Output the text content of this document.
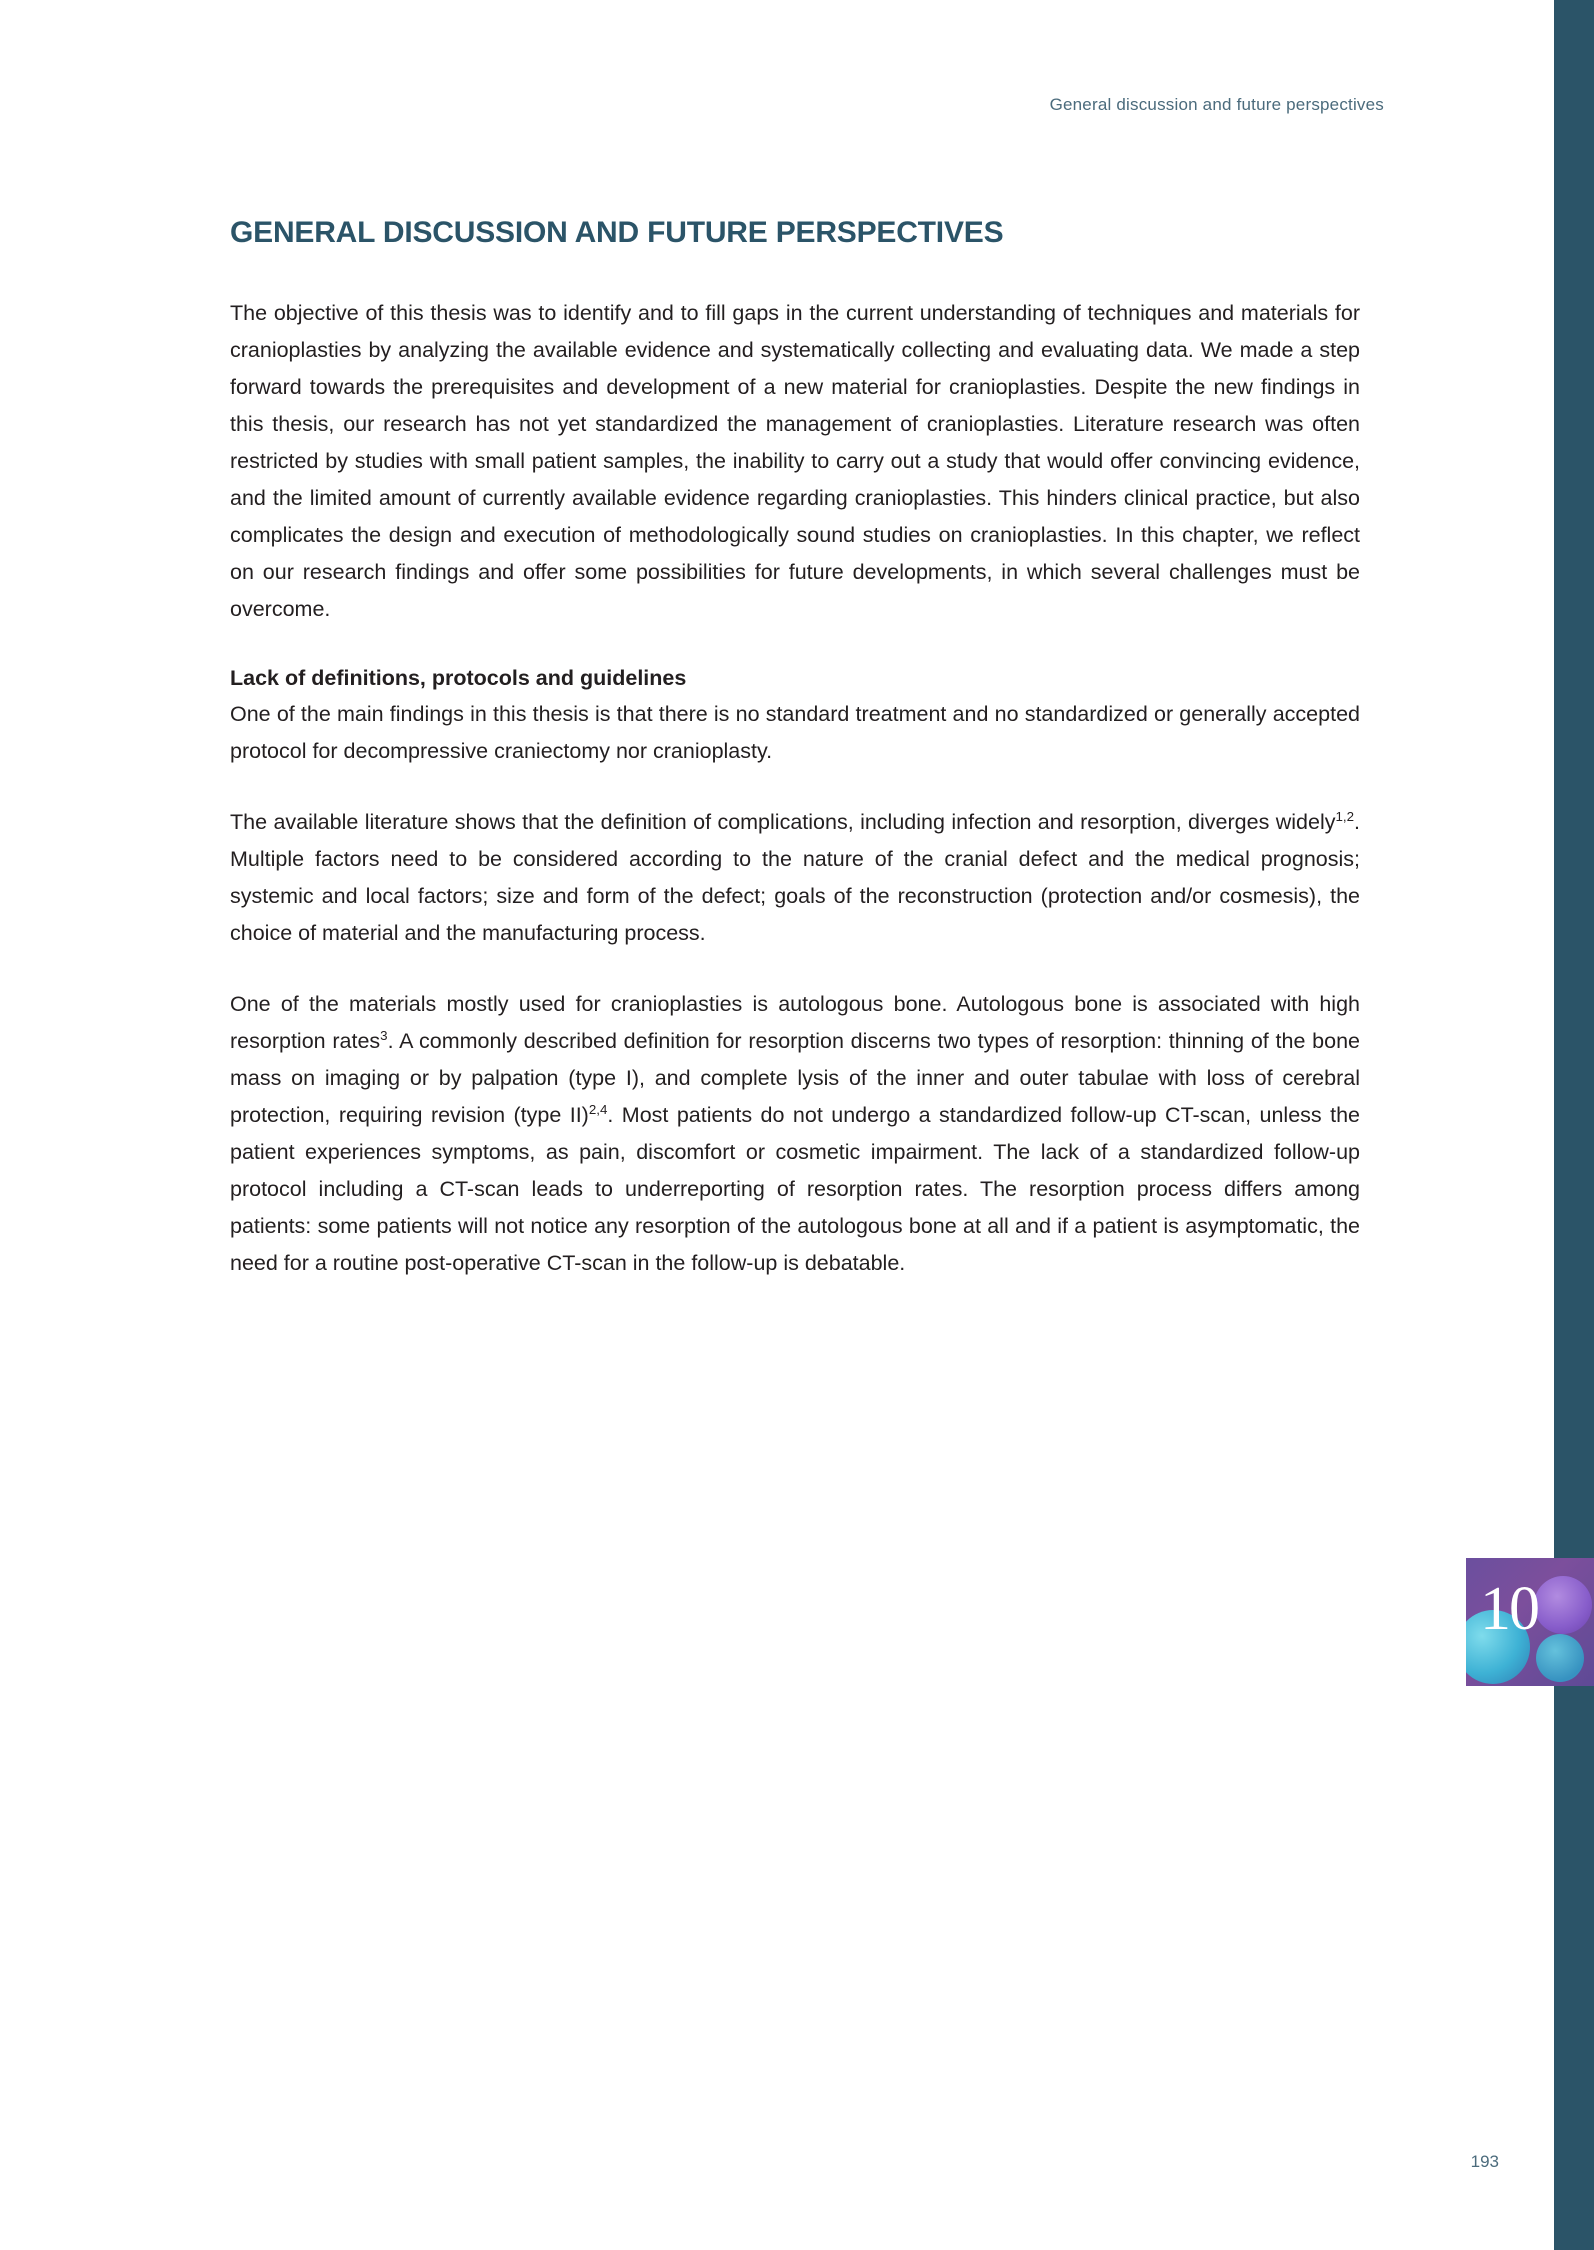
10
General discussion and future perspectives
GENERAL DISCUSSION AND FUTURE PERSPECTIVES

The objective of this thesis was to identify and to fill gaps in the current understanding of techniques and materials for cranioplasties by analyzing the available evidence and systematically collecting and evaluating data. We made a step forward towards the prerequisites and development of a new material for cranioplasties. Despite the new findings in this thesis, our research has not yet standardized the management of cranioplasties. Literature research was often restricted by studies with small patient samples, the inability to carry out a study that would offer convincing evidence, and the limited amount of currently available evidence regarding cranioplasties. This hinders clinical practice, but also complicates the design and execution of methodologically sound studies on cranioplasties. In this chapter, we reflect on our research findings and offer some possibilities for future developments, in which several challenges must be overcome.

Lack of definitions, protocols and guidelines

One of the main findings in this thesis is that there is no standard treatment and no standardized or generally accepted protocol for decompressive craniectomy nor cranioplasty.

The available literature shows that the definition of complications, including infection and resorption, diverges widely$^{1,2}$. Multiple factors need to be considered according to the nature of the cranial defect and the medical prognosis; systemic and local factors; size and form of the defect; goals of the reconstruction (protection and/or cosmesis), the choice of material and the manufacturing process.

One of the materials mostly used for cranioplasties is autologous bone. Autologous bone is associated with high resorption rates$^3$. A commonly described definition for resorption discerns two types of resorption: thinning of the bone mass on imaging or by palpation (type I), and complete lysis of the inner and outer tabulae with loss of cerebral protection, requiring revision (type II)$^{2,4}$. Most patients do not undergo a standardized follow-up CT-scan, unless the patient experiences symptoms, as pain, discomfort or cosmetic impairment. The lack of a standardized follow-up protocol including a CT-scan leads to underreporting of resorption rates. The resorption process differs among patients: some patients will not notice any resorption of the autologous bone at all and if a patient is asymptomatic, the need for a routine post-operative CT-scan in the follow-up is debatable.

193
